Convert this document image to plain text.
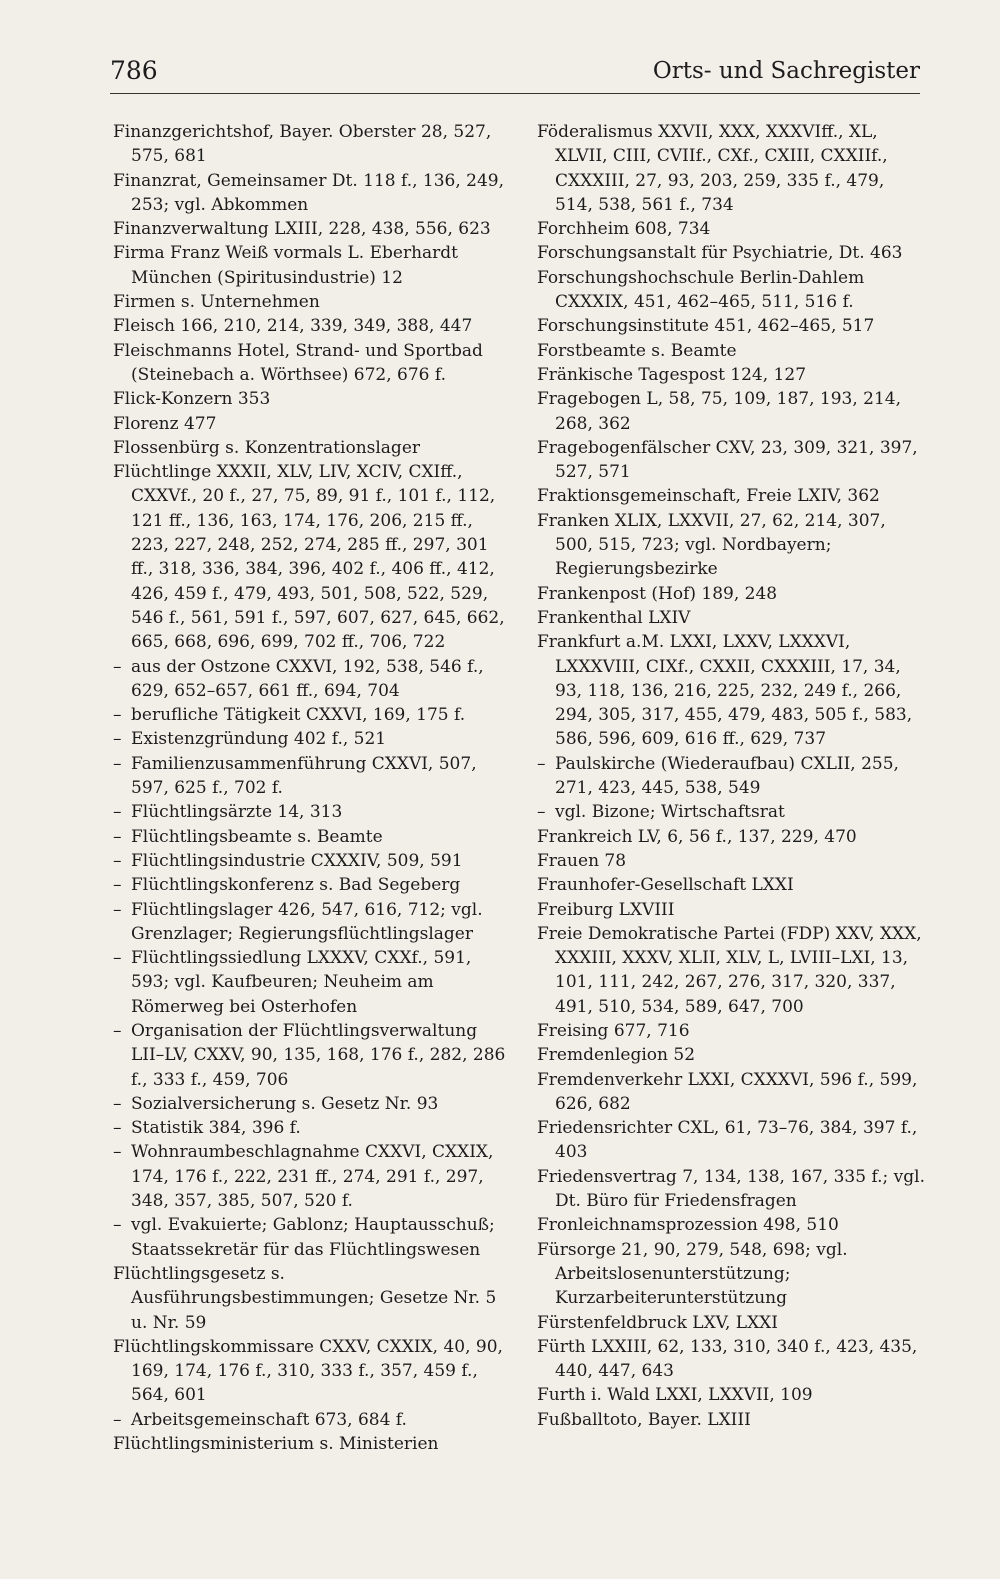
786	Orts- und Sachregister

Finanzgerichtshof, Bayer. Oberster 28, 527, 575, 681

Finanzrat, Gemeinsamer Dt. 118 f., 136, 249, 253; vgl. Abkommen

Finanzverwaltung LXIII, 228, 438, 556, 623

Firma Franz Weiß vormals L. Eberhardt München (Spiritusindustrie) 12

Firmen s. Unternehmen

Fleisch 166, 210, 214, 339, 349, 388, 447

Fleischmanns Hotel, Strand- und Sportbad (Steinebach a. Wörthsee) 672, 676 f.

Flick-Konzern 353

Florenz 477

Flossenbürg s. Konzentrationslager

Flüchtlinge XXXII, XLV, LIV, XCIV, CXIff., CXXVf., 20 f., 27, 75, 89, 91 f., 101 f., 112, 121 ff., 136, 163, 174, 176, 206, 215 ff., 223, 227, 248, 252, 274, 285 ff., 297, 301 ff., 318, 336, 384, 396, 402 f., 406 ff., 412, 426, 459 f., 479, 493, 501, 508, 522, 529, 546 f., 561, 591 f., 597, 607, 627, 645, 662, 665, 668, 696, 699, 702 ff., 706, 722

– aus der Ostzone CXXVI, 192, 538, 546 f., 629, 652–657, 661 ff., 694, 704

– berufliche Tätigkeit CXXVI, 169, 175 f.

– Existenzgründung 402 f., 521

– Familienzusammenführung CXXVI, 507, 597, 625 f., 702 f.

– Flüchtlingsärzte 14, 313

– Flüchtlingsbeamte s. Beamte

– Flüchtlingsindustrie CXXXIV, 509, 591

– Flüchtlingskonferenz s. Bad Segeberg

– Flüchtlingslager 426, 547, 616, 712; vgl. Grenzlager; Regierungsflüchtlingslager

– Flüchtlingssiedlung LXXXV, CXXf., 591, 593; vgl. Kaufbeuren; Neuheim am Römerweg bei Osterhofen

– Organisation der Flüchtlingsverwaltung LII–LV, CXXV, 90, 135, 168, 176 f., 282, 286 f., 333 f., 459, 706

– Sozialversicherung s. Gesetz Nr. 93

– Statistik 384, 396 f.

– Wohnraumbeschlagnahme CXXVI, CXXIX, 174, 176 f., 222, 231 ff., 274, 291 f., 297, 348, 357, 385, 507, 520 f.

– vgl. Evakuierte; Gablonz; Hauptausschuß; Staatssekretär für das Flüchtlingswesen

Flüchtlingsgesetz s. Ausführungsbestimmungen; Gesetze Nr. 5 u. Nr. 59

Flüchtlingskommissare CXXV, CXXIX, 40, 90, 169, 174, 176 f., 310, 333 f., 357, 459 f., 564, 601

– Arbeitsgemeinschaft 673, 684 f.

Flüchtlingsministerium s. Ministerien

Föderalismus XXVII, XXX, XXXVIff., XL, XLVII, CIII, CVIIf., CXf., CXIII, CXXIIf., CXXXIII, 27, 93, 203, 259, 335 f., 479, 514, 538, 561 f., 734

Forchheim 608, 734

Forschungsanstalt für Psychiatrie, Dt. 463

Forschungshochschule Berlin-Dahlem CXXXIX, 451, 462–465, 511, 516 f.

Forschungsinstitute 451, 462–465, 517

Forstbeamte s. Beamte

Fränkische Tagespost 124, 127

Fragebogen L, 58, 75, 109, 187, 193, 214, 268, 362

Fragebogenfälscher CXV, 23, 309, 321, 397, 527, 571

Fraktionsgemeinschaft, Freie LXIV, 362

Franken XLIX, LXXVII, 27, 62, 214, 307, 500, 515, 723; vgl. Nordbayern; Regierungsbezirke

Frankenpost (Hof) 189, 248

Frankenthal LXIV

Frankfurt a.M. LXXI, LXXV, LXXXVI, LXXXVIII, CIXf., CXXII, CXXXIII, 17, 34, 93, 118, 136, 216, 225, 232, 249 f., 266, 294, 305, 317, 455, 479, 483, 505 f., 583, 586, 596, 609, 616 ff., 629, 737

– Paulskirche (Wiederaufbau) CXLII, 255, 271, 423, 445, 538, 549

– vgl. Bizone; Wirtschaftsrat

Frankreich LV, 6, 56 f., 137, 229, 470

Frauen 78

Fraunhofer-Gesellschaft LXXI

Freiburg LXVIII

Freie Demokratische Partei (FDP) XXV, XXX, XXXIII, XXXV, XLII, XLV, L, LVIII–LXI, 13, 101, 111, 242, 267, 276, 317, 320, 337, 491, 510, 534, 589, 647, 700

Freising 677, 716

Fremdenlegion 52

Fremdenverkehr LXXI, CXXXVI, 596 f., 599, 626, 682

Friedensrichter CXL, 61, 73–76, 384, 397 f., 403

Friedensvertrag 7, 134, 138, 167, 335 f.; vgl. Dt. Büro für Friedensfragen

Fronleichnamsprozession 498, 510

Fürsorge 21, 90, 279, 548, 698; vgl. Arbeitslosenunterstützung; Kurzarbeiterunterstützung

Fürstenfeldbruck LXV, LXXI

Fürth LXXIII, 62, 133, 310, 340 f., 423, 435, 440, 447, 643

Furth i. Wald LXXI, LXXVII, 109

Fußballtoto, Bayer. LXIII
